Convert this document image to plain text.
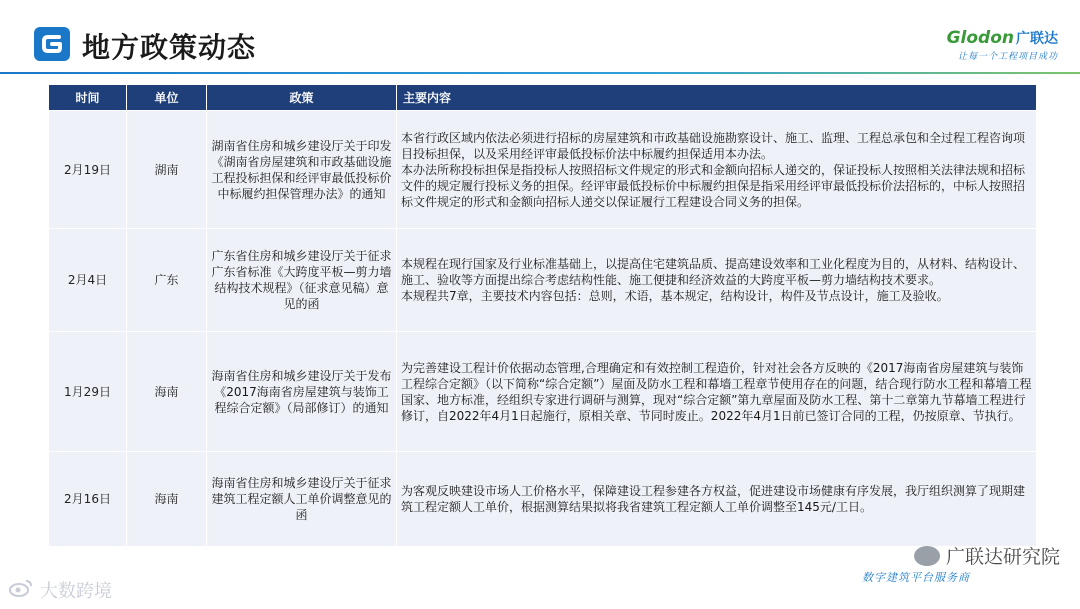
地方政策动态	Glodon 广联达
让每一个工程项目成功
时间	单位	政策	主要内容
2月19日	湖南	湖南省住房和城乡建设厅关于印发《湖南省房屋建筑和市政基础设施工程投标担保和经评审最低投标价中标履约担保管理办法》的通知	本省行政区域内依法必须进行招标的房屋建筑和市政基础设施勘察设计、施工、监理、工程总承包和全过程工程咨询项目投标担保，以及采用经评审最低投标价法中标履约担保适用本办法。
本办法所称投标担保是指投标人按照招标文件规定的形式和金额向招标人递交的，保证投标人按照相关法律法规和招标文件的规定履行投标义务的担保。经评审最低投标价中标履约担保是指采用经评审最低投标价法招标的，中标人按照招标文件规定的形式和金额向招标人递交以保证履行工程建设合同义务的担保。

2月4日	广东	广东省住房和城乡建设厅关于征求广东省标准《大跨度平板—剪力墙结构技术规程》（征求意见稿）意见的函	本规程在现行国家及行业标准基础上，以提高住宅建筑品质、提高建设效率和工业化程度为目的，从材料、结构设计、施工、验收等方面提出综合考虑结构性能、施工便捷和经济效益的大跨度平板—剪力墙结构技术要求。
本规程共7章，主要技术内容包括：总则，术语，基本规定，结构设计，构件及节点设计，施工及验收。

1月29日	海南	海南省住房和城乡建设厅关于发布《2017海南省房屋建筑与装饰工程综合定额》（局部修订）的通知	为完善建设工程计价依据动态管理,合理确定和有效控制工程造价，针对社会各方反映的《2017海南省房屋建筑与装饰工程综合定额》（以下简称“综合定额”）屋面及防水工程和幕墙工程章节使用存在的问题，结合现行防水工程和幕墙工程国家、地方标准，经组织专家进行调研与测算，现对“综合定额”第九章屋面及防水工程、第十二章第九节幕墙工程进行修订，自2022年4月1日起施行，原相关章、节同时废止。2022年4月1日前已签订合同的工程，仍按原章、节执行。

2月16日	海南	海南省住房和城乡建设厅关于征求建筑工程定额人工单价调整意见的函	为客观反映建设市场人工价格水平，保障建设工程参建各方权益，促进建设市场健康有序发展，我厅组织测算了现期建筑工程定额人工单价，根据测算结果拟将我省建筑工程定额人工单价调整至145元/工日。
大数跨境
广联达研究院
数字建筑平台服务商
